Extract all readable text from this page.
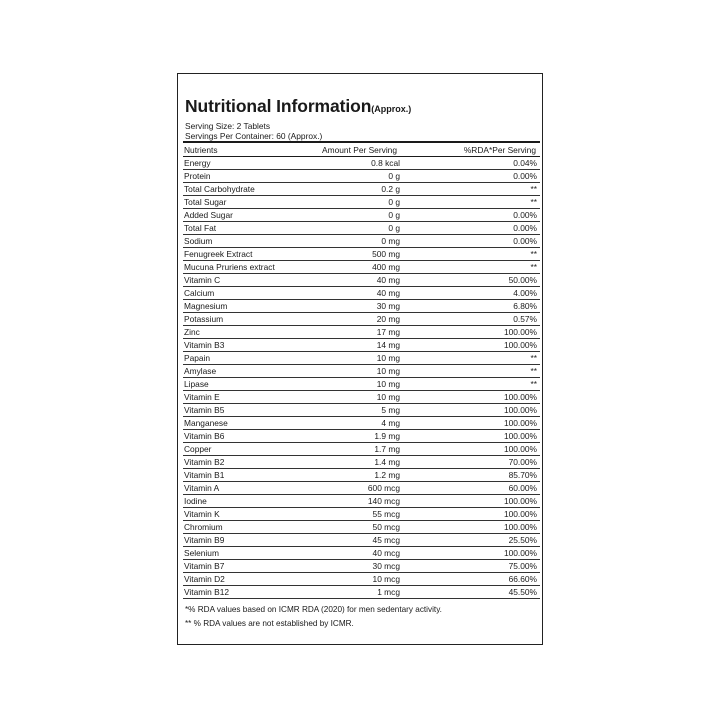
Nutritional Information(Approx.)
Serving Size: 2 Tablets
Servings Per Container: 60 (Approx.)
Nutrients	Amount Per Serving	%RDA*Per Serving
Energy	0.8 kcal	0.04%
Protein	0 g	0.00%
Total Carbohydrate	0.2 g	**
Total Sugar	0 g	**
Added Sugar	0 g	0.00%
Total Fat	0 g	0.00%
Sodium	0 mg	0.00%
Fenugreek Extract	500 mg	**
Mucuna Pruriens extract	400 mg	**
Vitamin C	40 mg	50.00%
Calcium	40 mg	4.00%
Magnesium	30 mg	6.80%
Potassium	20 mg	0.57%
Zinc	17 mg	100.00%
Vitamin B3	14 mg	100.00%
Papain	10 mg	**
Amylase	10 mg	**
Lipase	10 mg	**
Vitamin E	10 mg	100.00%
Vitamin B5	5 mg	100.00%
Manganese	4 mg	100.00%
Vitamin B6	1.9 mg	100.00%
Copper	1.7 mg	100.00%
Vitamin B2	1.4 mg	70.00%
Vitamin B1	1.2 mg	85.70%
Vitamin A	600 mcg	60.00%
Iodine	140 mcg	100.00%
Vitamin K	55 mcg	100.00%
Chromium	50 mcg	100.00%
Vitamin B9	45 mcg	25.50%
Selenium	40 mcg	100.00%
Vitamin B7	30 mcg	75.00%
Vitamin D2	10 mcg	66.60%
Vitamin B12	1 mcg	45.50%
*% RDA values based on ICMR RDA (2020) for men sedentary activity.
** % RDA values are not established by ICMR.
